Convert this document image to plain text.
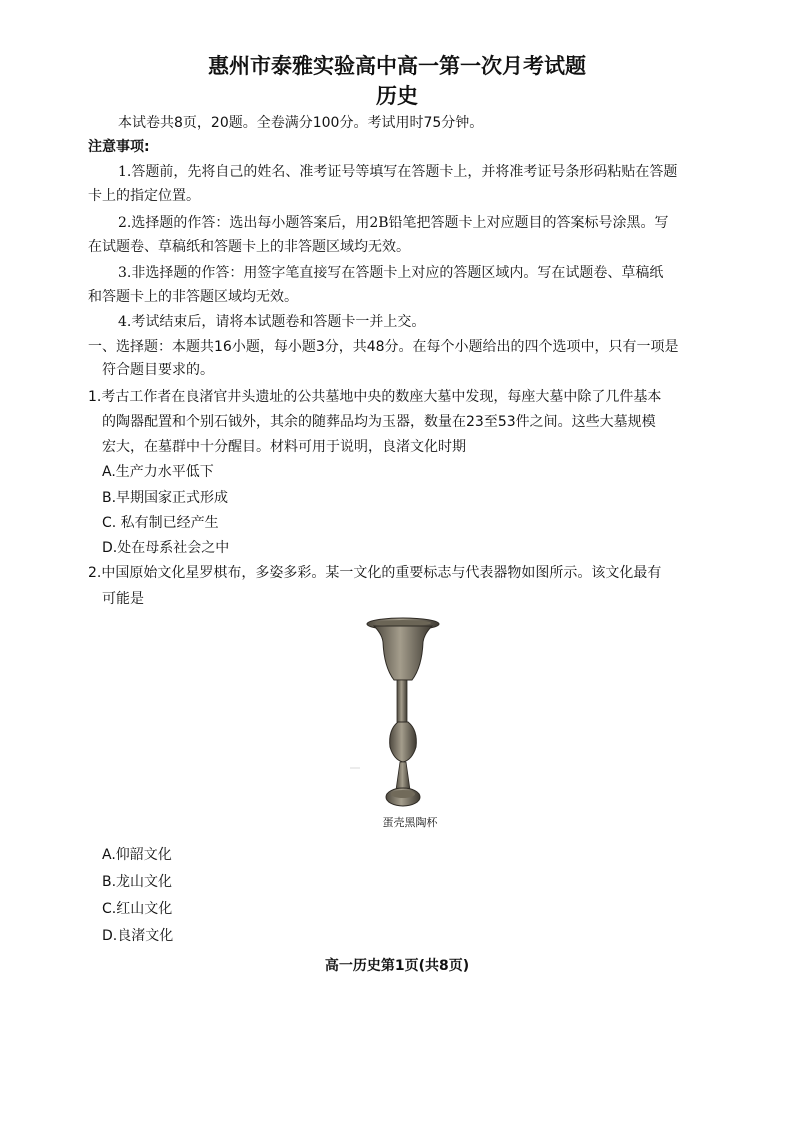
惠州市泰雅实验高中高一第一次月考试题
历史
本试卷共8页，20题。全卷满分100分。考试用时75分钟。
注意事项:
1.答题前，先将自己的姓名、准考证号等填写在答题卡上，并将准考证号条形码粘贴在答题
卡上的指定位置。
2.选择题的作答：选出每小题答案后，用2B铅笔把答题卡上对应题目的答案标号涂黑。写
在试题卷、草稿纸和答题卡上的非答题区域均无效。
3.非选择题的作答：用签字笔直接写在答题卡上对应的答题区域内。写在试题卷、草稿纸
和答题卡上的非答题区域均无效。
4.考试结束后，请将本试题卷和答题卡一并上交。
一、选择题：本题共16小题，每小题3分，共48分。在每个小题给出的四个选项中，只有一项是
符合题目要求的。
1.考古工作者在良渚官井头遗址的公共墓地中央的数座大墓中发现，每座大墓中除了几件基本
的陶器配置和个别石钺外，其余的随葬品均为玉器，数量在23至53件之间。这些大墓规模
宏大，在墓群中十分醒目。材料可用于说明，良渚文化时期
A.生产力水平低下
B.早期国家正式形成
C. 私有制已经产生
D.处在母系社会之中
2.中国原始文化星罗棋布，多姿多彩。某一文化的重要标志与代表器物如图所示。该文化最有
可能是
蛋壳黑陶杯
A.仰韶文化
B.龙山文化
C.红山文化
D.良渚文化
高一历史第1页(共8页)
